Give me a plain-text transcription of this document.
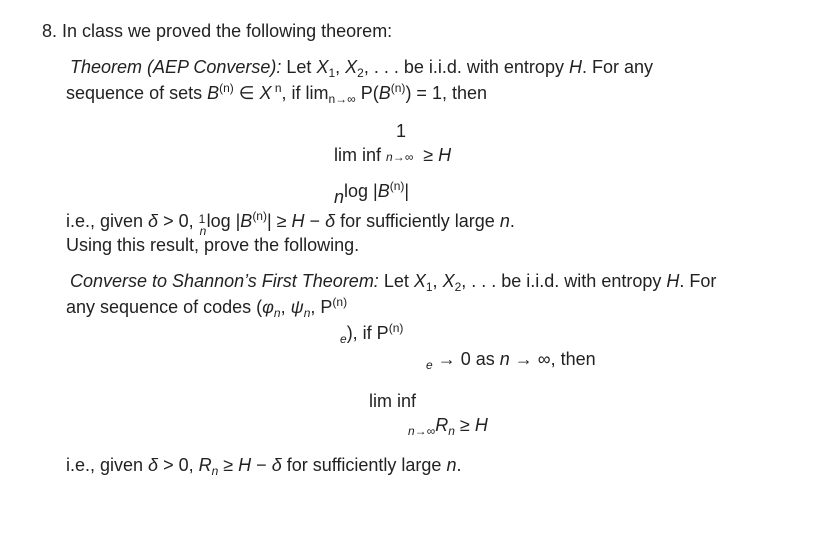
8. In class we proved the following theorem:
Theorem (AEP Converse): Let $X_1$, $X_2$, . . . be i.i.d. with entropy H. For any
sequence of sets $B^{(n)}$ ∈ X $^n$, if $\lim_{n\to\infty} P(B^{(n)}) = 1$, then
1
lim inf n→∞ ≥ H
nlog $|B^{(n)}|$
i.e., given δ > 0, 1
n $\log |B^{(n)}| \ge H - \delta$ for sufficiently large n.
Using this result, prove the following.
Converse to Shannon’s First Theorem: Let $X_1$, $X_2$, . . . be i.i.d. with entropy H. For
any sequence of codes ($\varphi_n$, $\psi_n$, $P^{(n)}$
$_e$), if $P^{(n)}$
$_e$ → 0 as n → ∞, then
lim inf
$_{n\to\infty}R_n \ge H$
i.e., given δ > 0, $R_n \ge H - \delta$ for sufficiently large n.
